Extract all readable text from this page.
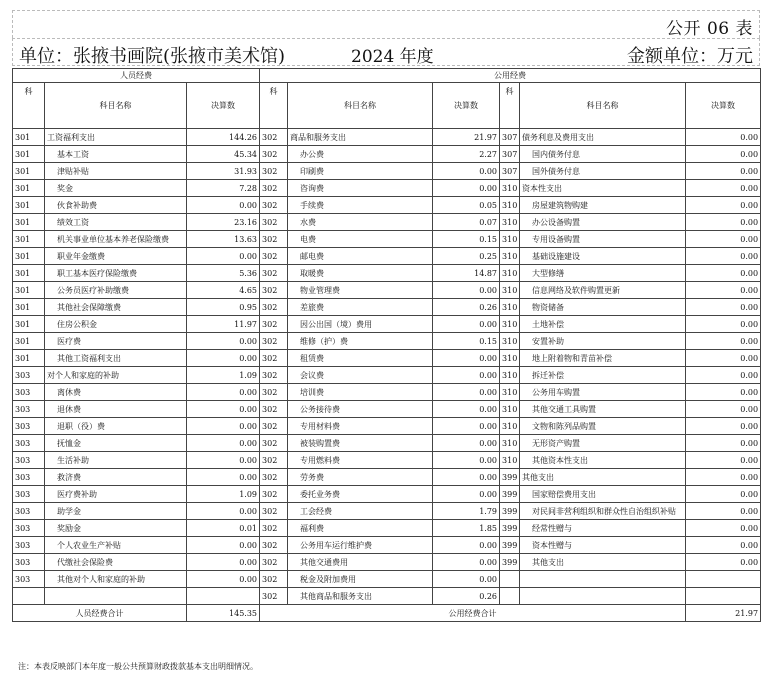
公开 06 表
单位：张掖书画院(张掖市美术馆)	2024 年度	金额单位：万元
人员经费			公用经费					
科	科目名称	决算数	科	科目名称	决算数	科	科目名称	决算数
301	工资福利支出	144.26	302	商品和服务支出	21.97	307	债务利息及费用支出	0.00
301	基本工资	45.34	302	办公费	2.27	307	国内债务付息	0.00
301	津贴补贴	31.93	302	印刷费	0.00	307	国外债务付息	0.00
301	奖金	7.28	302	咨询费	0.00	310	资本性支出	0.00
301	伙食补助费	0.00	302	手续费	0.05	310	房屋建筑物购建	0.00
301	绩效工资	23.16	302	水费	0.07	310	办公设备购置	0.00
301	机关事业单位基本养老保险缴费	13.63	302	电费	0.15	310	专用设备购置	0.00
301	职业年金缴费	0.00	302	邮电费	0.25	310	基础设施建设	0.00
301	职工基本医疗保险缴费	5.36	302	取暖费	14.87	310	大型修缮	0.00
301	公务员医疗补助缴费	4.65	302	物业管理费	0.00	310	信息网络及软件购置更新	0.00
301	其他社会保障缴费	0.95	302	差旅费	0.26	310	物资储备	0.00
301	住房公积金	11.97	302	因公出国（境）费用	0.00	310	土地补偿	0.00
301	医疗费	0.00	302	维修（护）费	0.15	310	安置补助	0.00
301	其他工资福利支出	0.00	302	租赁费	0.00	310	地上附着物和青苗补偿	0.00
303	对个人和家庭的补助	1.09	302	会议费	0.00	310	拆迁补偿	0.00
303	离休费	0.00	302	培训费	0.00	310	公务用车购置	0.00
303	退休费	0.00	302	公务接待费	0.00	310	其他交通工具购置	0.00
303	退职（役）费	0.00	302	专用材料费	0.00	310	文物和陈列品购置	0.00
303	抚恤金	0.00	302	被装购置费	0.00	310	无形资产购置	0.00
303	生活补助	0.00	302	专用燃料费	0.00	310	其他资本性支出	0.00
303	救济费	0.00	302	劳务费	0.00	399	其他支出	0.00
303	医疗费补助	1.09	302	委托业务费	0.00	399	国家赔偿费用支出	0.00
303	助学金	0.00	302	工会经费	1.79	399	对民间非营利组织和群众性自治组织补贴	0.00
303	奖励金	0.01	302	福利费	1.85	399	经常性赠与	0.00
303	个人农业生产补贴	0.00	302	公务用车运行维护费	0.00	399	资本性赠与	0.00
303	代缴社会保险费	0.00	302	其他交通费用	0.00	399	其他支出	0.00
303	其他对个人和家庭的补助	0.00	302	税金及附加费用	0.00			
			302	其他商品和服务支出	0.26			
人员经费合计		145.35	公用经费合计					21.97
注：本表反映部门本年度一般公共预算财政拨款基本支出明细情况。
